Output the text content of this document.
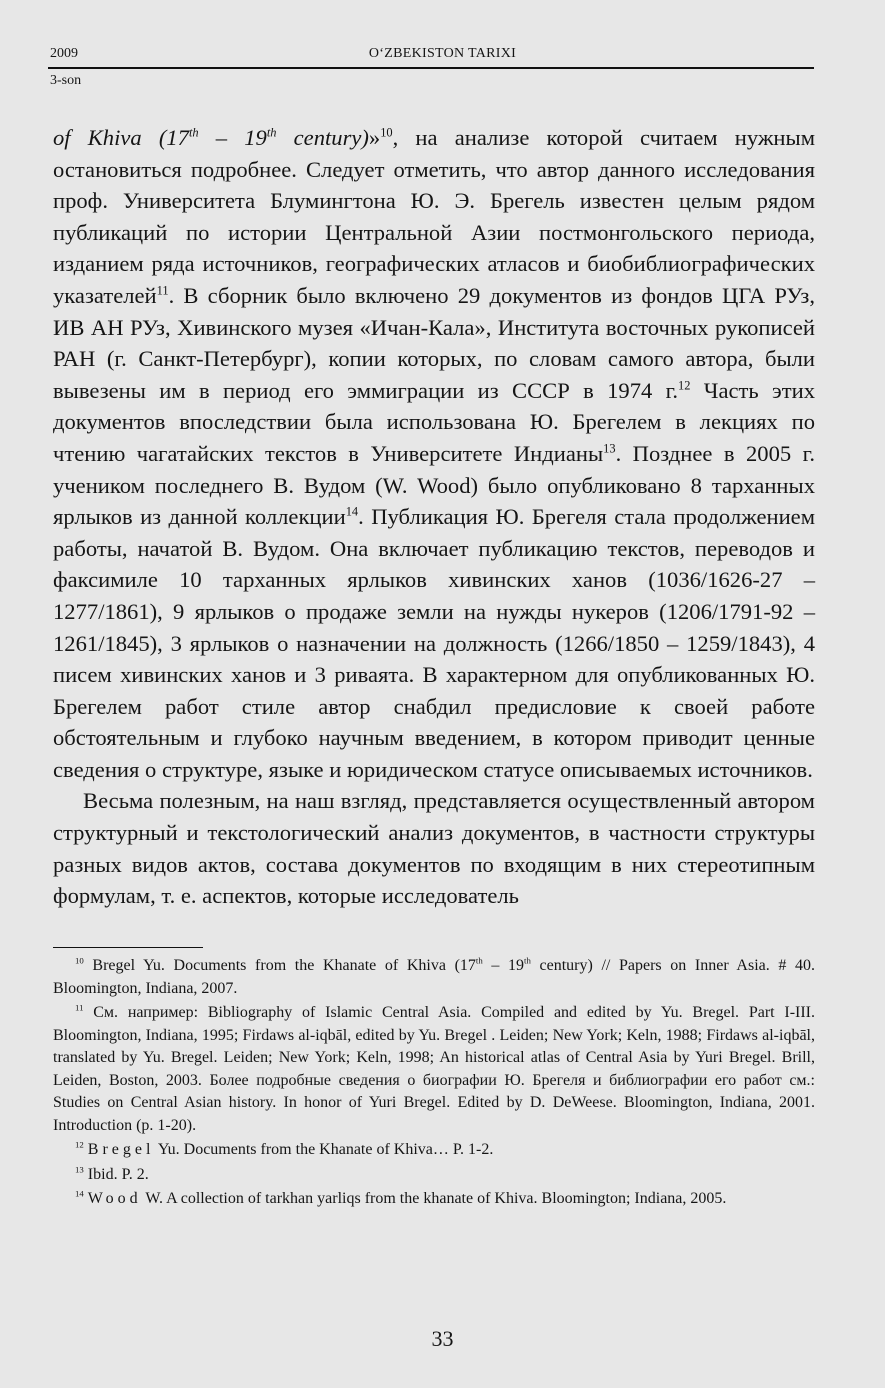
2009	O‘ZBEKISTON TARIXI
3-son

of Khiva (17th – 19th century)»$^{10}$, на анализе которой считаем нужным остановиться подробнее. Следует отметить, что автор данного исследования проф. Университета Блумингтона Ю. Э. Брегель известен целым рядом публикаций по истории Центральной Азии постмонгольского периода, изданием ряда источников, географических атласов и биобиблиографических указателей$^{11}$. В сборник было включено 29 документов из фондов ЦГА РУз, ИВ АН РУз, Хивинского музея «Ичан-Кала», Института восточных рукописей РАН (г. Санкт-Петербург), копии которых, по словам самого автора, были вывезены им в период его эммиграции из СССР в 1974 г.$^{12}$ Часть этих документов впоследствии была использована Ю. Брегелем в лекциях по чтению чагатайских текстов в Университете Индианы$^{13}$. Позднее в 2005 г. учеником последнего В. Вудом (W. Wood) было опубликовано 8 тарханных ярлыков из данной коллекции$^{14}$. Публикация Ю. Брегеля стала продолжением работы, начатой В. Вудом. Она включает публикацию текстов, переводов и факсимиле 10 тарханных ярлыков хивинских ханов (1036/1626-27 – 1277/1861), 9 ярлыков о продаже земли на нужды нукеров (1206/1791-92 – 1261/1845), 3 ярлыков о назначении на должность (1266/1850 – 1259/1843), 4 писем хивинских ханов и 3 риваята. В характерном для опубликованных Ю. Брегелем работ стиле автор снабдил предисловие к своей работе обстоятельным и глубоко научным введением, в котором приводит ценные сведения о структуре, языке и юридическом статусе описываемых источников.

Весьма полезным, на наш взгляд, представляется осуществленный автором структурный и текстологический анализ документов, в частности структуры разных видов актов, состава документов по входящим в них стереотипным формулам, т. е. аспектов, которые исследователь

$^{10}$ Bregel Yu. Documents from the Khanate of Khiva (17th – 19th century) // Papers on Inner Asia. # 40. Bloomington, Indiana, 2007.

$^{11}$ См. например: Bibliography of Islamic Central Asia. Compiled and edited by Yu. Bregel. Part I-III. Bloomington, Indiana, 1995; Firdaws al-iqbāl, edited by Yu. Bregel . Leiden; New York; Keln, 1988; Firdaws al-iqbāl, translated by Yu. Bregel. Leiden; New York; Keln, 1998; An historical atlas of Central Asia by Yuri Bregel. Brill, Leiden, Boston, 2003. Более подробные сведения о биографии Ю. Брегеля и библиографии его работ см.: Studies on Central Asian history. In honor of Yuri Bregel. Edited by D. DeWeese. Bloomington, Indiana, 2001. Introduction (p. 1-20).

$^{12}$ Bregel Yu. Documents from the Khanate of Khiva… P. 1-2.

$^{13}$ Ibid. P. 2.

$^{14}$ Wood W. A collection of tarkhan yarliqs from the khanate of Khiva. Bloomington; Indiana, 2005.

33
